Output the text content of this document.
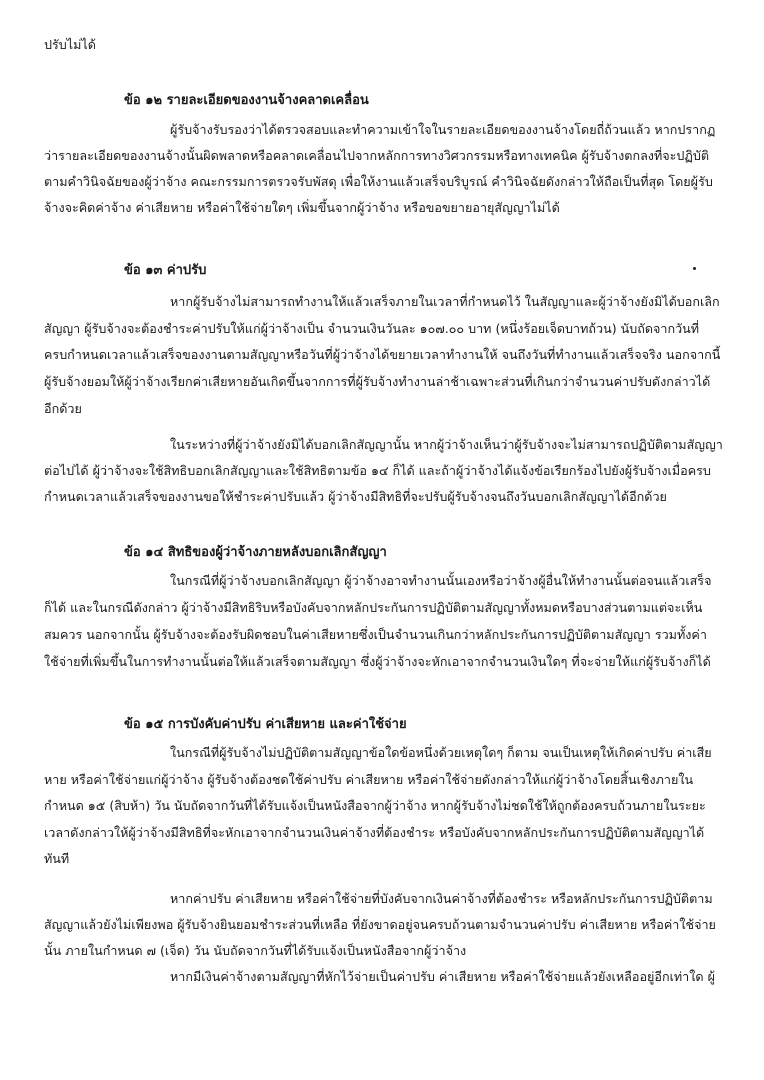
ปรับไม่ได้
ข้อ ๑๒ รายละเอียดของงานจ้างคลาดเคลื่อน
ผู้รับจ้างรับรองว่าได้ตรวจสอบและทำความเข้าใจในรายละเอียดของงานจ้างโดยถี่ถ้วนแล้ว หากปรากฏ
ว่ารายละเอียดของงานจ้างนั้นผิดพลาดหรือคลาดเคลื่อนไปจากหลักการทางวิศวกรรมหรือทางเทคนิค ผู้รับจ้างตกลงที่จะปฏิบัติ
ตามคำวินิจฉัยของผู้ว่าจ้าง คณะกรรมการตรวจรับพัสดุ เพื่อให้งานแล้วเสร็จบริบูรณ์ คำวินิจฉัยดังกล่าวให้ถือเป็นที่สุด โดยผู้รับ
จ้างจะคิดค่าจ้าง ค่าเสียหาย หรือค่าใช้จ่ายใดๆ เพิ่มขึ้นจากผู้ว่าจ้าง หรือขอขยายอายุสัญญาไม่ได้
ข้อ ๑๓ ค่าปรับ
หากผู้รับจ้างไม่สามารถทำงานให้แล้วเสร็จภายในเวลาที่กำหนดไว้ ในสัญญาและผู้ว่าจ้างยังมิได้บอกเลิก
สัญญา ผู้รับจ้างจะต้องชำระค่าปรับให้แก่ผู้ว่าจ้างเป็น จำนวนเงินวันละ ๑๐๗.๐๐ บาท (หนึ่งร้อยเจ็ดบาทถ้วน) นับถัดจากวันที่
ครบกำหนดเวลาแล้วเสร็จของงานตามสัญญาหรือวันที่ผู้ว่าจ้างได้ขยายเวลาทำงานให้ จนถึงวันที่ทำงานแล้วเสร็จจริง นอกจากนี้
ผู้รับจ้างยอมให้ผู้ว่าจ้างเรียกค่าเสียหายอันเกิดขึ้นจากการที่ผู้รับจ้างทำงานล่าช้าเฉพาะส่วนที่เกินกว่าจำนวนค่าปรับดังกล่าวได้
อีกด้วย
ในระหว่างที่ผู้ว่าจ้างยังมิได้บอกเลิกสัญญานั้น หากผู้ว่าจ้างเห็นว่าผู้รับจ้างจะไม่สามารถปฏิบัติตามสัญญา
ต่อไปได้ ผู้ว่าจ้างจะใช้สิทธิบอกเลิกสัญญาและใช้สิทธิตามข้อ ๑๔ ก็ได้ และถ้าผู้ว่าจ้างได้แจ้งข้อเรียกร้องไปยังผู้รับจ้างเมื่อครบ
กำหนดเวลาแล้วเสร็จของงานขอให้ชำระค่าปรับแล้ว ผู้ว่าจ้างมีสิทธิที่จะปรับผู้รับจ้างจนถึงวันบอกเลิกสัญญาได้อีกด้วย
ข้อ ๑๔ สิทธิของผู้ว่าจ้างภายหลังบอกเลิกสัญญา
ในกรณีที่ผู้ว่าจ้างบอกเลิกสัญญา ผู้ว่าจ้างอาจทำงานนั้นเองหรือว่าจ้างผู้อื่นให้ทำงานนั้นต่อจนแล้วเสร็จ
ก็ได้ และในกรณีดังกล่าว ผู้ว่าจ้างมีสิทธิริบหรือบังคับจากหลักประกันการปฏิบัติตามสัญญาทั้งหมดหรือบางส่วนตามแต่จะเห็น
สมควร นอกจากนั้น ผู้รับจ้างจะต้องรับผิดชอบในค่าเสียหายซึ่งเป็นจำนวนเกินกว่าหลักประกันการปฏิบัติตามสัญญา รวมทั้งค่า
ใช้จ่ายที่เพิ่มขึ้นในการทำงานนั้นต่อให้แล้วเสร็จตามสัญญา ซึ่งผู้ว่าจ้างจะหักเอาจากจำนวนเงินใดๆ ที่จะจ่ายให้แก่ผู้รับจ้างก็ได้
ข้อ ๑๕ การบังคับค่าปรับ ค่าเสียหาย และค่าใช้จ่าย
ในกรณีที่ผู้รับจ้างไม่ปฏิบัติตามสัญญาข้อใดข้อหนึ่งด้วยเหตุใดๆ ก็ตาม จนเป็นเหตุให้เกิดค่าปรับ ค่าเสีย
หาย หรือค่าใช้จ่ายแก่ผู้ว่าจ้าง ผู้รับจ้างต้องชดใช้ค่าปรับ ค่าเสียหาย หรือค่าใช้จ่ายดังกล่าวให้แก่ผู้ว่าจ้างโดยสิ้นเชิงภายใน
กำหนด ๑๕ (สิบห้า) วัน นับถัดจากวันที่ได้รับแจ้งเป็นหนังสือจากผู้ว่าจ้าง หากผู้รับจ้างไม่ชดใช้ให้ถูกต้องครบถ้วนภายในระยะ
เวลาดังกล่าวให้ผู้ว่าจ้างมีสิทธิที่จะหักเอาจากจำนวนเงินค่าจ้างที่ต้องชำระ หรือบังคับจากหลักประกันการปฏิบัติตามสัญญาได้
ทันที
หากค่าปรับ ค่าเสียหาย หรือค่าใช้จ่ายที่บังคับจากเงินค่าจ้างที่ต้องชำระ หรือหลักประกันการปฏิบัติตาม
สัญญาแล้วยังไม่เพียงพอ ผู้รับจ้างยินยอมชำระส่วนที่เหลือ ที่ยังขาดอยู่จนครบถ้วนตามจำนวนค่าปรับ ค่าเสียหาย หรือค่าใช้จ่าย
นั้น ภายในกำหนด ๗ (เจ็ด) วัน นับถัดจากวันที่ได้รับแจ้งเป็นหนังสือจากผู้ว่าจ้าง
หากมีเงินค่าจ้างตามสัญญาที่หักไว้จ่ายเป็นค่าปรับ ค่าเสียหาย หรือค่าใช้จ่ายแล้วยังเหลืออยู่อีกเท่าใด ผู้
